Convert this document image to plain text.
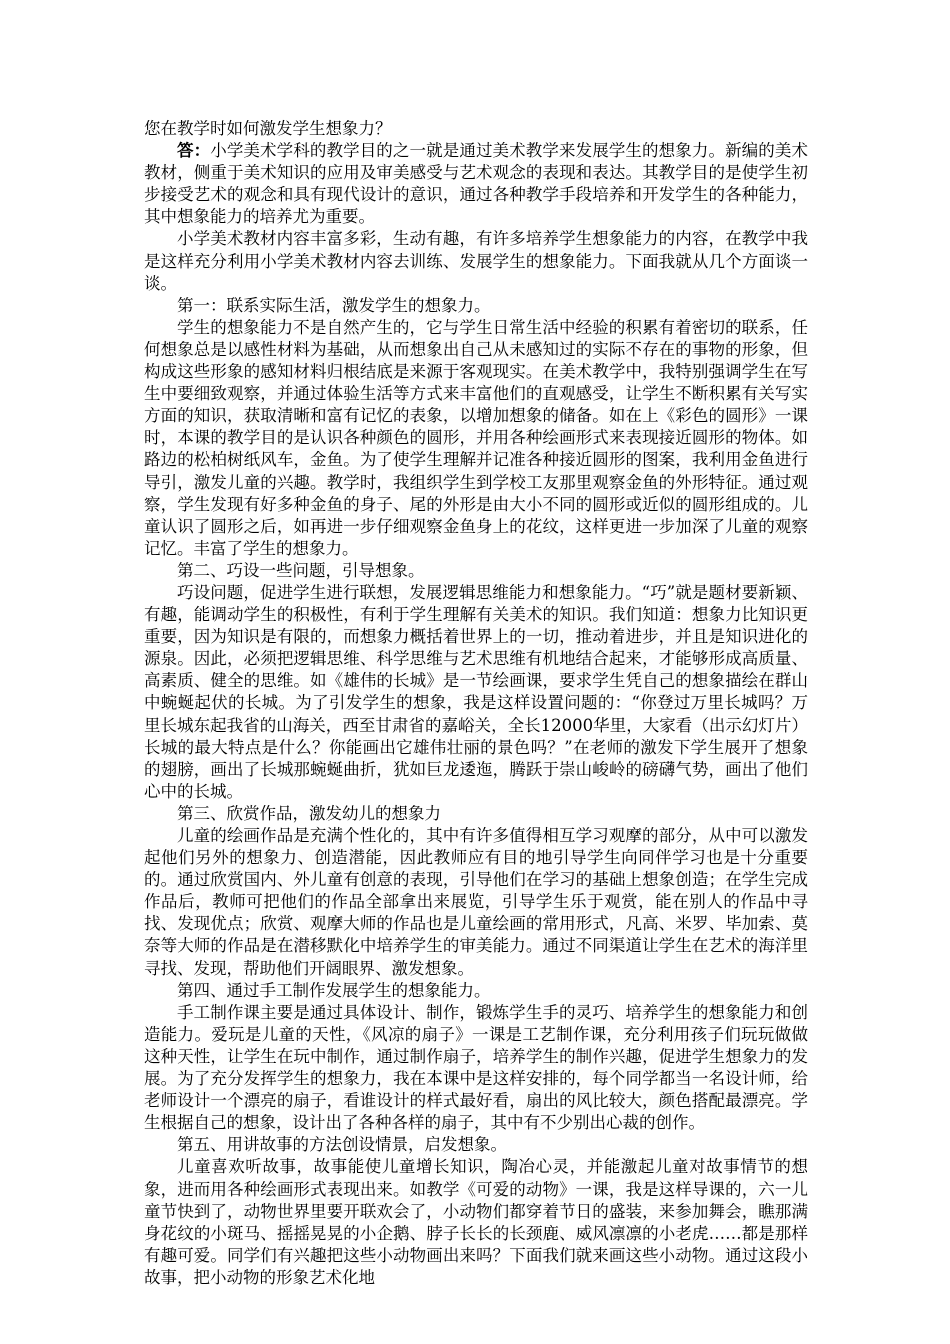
您在教学时如何激发学生想象力？

答：小学美术学科的教学目的之一就是通过美术教学来发展学生的想象力。新编的美术教材，侧重于美术知识的应用及审美感受与艺术观念的表现和表达。其教学目的是使学生初步接受艺术的观念和具有现代设计的意识，通过各种教学手段培养和开发学生的各种能力，其中想象能力的培养尤为重要。

小学美术教材内容丰富多彩，生动有趣，有许多培养学生想象能力的内容，在教学中我是这样充分利用小学美术教材内容去训练、发展学生的想象能力。下面我就从几个方面谈一谈。

第一：联系实际生活，激发学生的想象力。

学生的想象能力不是自然产生的，它与学生日常生活中经验的积累有着密切的联系，任何想象总是以感性材料为基础，从而想象出自己从未感知过的实际不存在的事物的形象，但构成这些形象的感知材料归根结底是来源于客观现实。在美术教学中，我特别强调学生在写生中要细致观察，并通过体验生活等方式来丰富他们的直观感受，让学生不断积累有关写实方面的知识，获取清晰和富有记忆的表象，以增加想象的储备。如在上《彩色的圆形》一课时，本课的教学目的是认识各种颜色的圆形，并用各种绘画形式来表现接近圆形的物体。如路边的松柏树纸风车，金鱼。为了使学生理解并记准各种接近圆形的图案，我利用金鱼进行导引，激发儿童的兴趣。教学时，我组织学生到学校工友那里观察金鱼的外形特征。通过观察，学生发现有好多种金鱼的身子、尾的外形是由大小不同的圆形或近似的圆形组成的。儿童认识了圆形之后，如再进一步仔细观察金鱼身上的花纹，这样更进一步加深了儿童的观察记忆。丰富了学生的想象力。

第二、巧设一些问题，引导想象。

巧设问题，促进学生进行联想，发展逻辑思维能力和想象能力。“巧”就是题材要新颖、有趣，能调动学生的积极性，有利于学生理解有关美术的知识。我们知道：想象力比知识更重要，因为知识是有限的，而想象力概括着世界上的一切，推动着进步，并且是知识进化的源泉。因此，必须把逻辑思维、科学思维与艺术思维有机地结合起来，才能够形成高质量、高素质、健全的思维。如《雄伟的长城》是一节绘画课，要求学生凭自己的想象描绘在群山中蜿蜒起伏的长城。为了引发学生的想象，我是这样设置问题的：“你登过万里长城吗？万里长城东起我省的山海关，西至甘肃省的嘉峪关，全长12000华里，大家看（出示幻灯片）长城的最大特点是什么？你能画出它雄伟壮丽的景色吗？”在老师的激发下学生展开了想象的翅膀，画出了长城那蜿蜒曲折，犹如巨龙逶迤，腾跃于崇山峻岭的磅礴气势，画出了他们心中的长城。

第三、欣赏作品，激发幼儿的想象力

儿童的绘画作品是充满个性化的，其中有许多值得相互学习观摩的部分，从中可以激发起他们另外的想象力、创造潜能，因此教师应有目的地引导学生向同伴学习也是十分重要的。通过欣赏国内、外儿童有创意的表现，引导他们在学习的基础上想象创造；在学生完成作品后，教师可把他们的作品全部拿出来展览，引导学生乐于观赏，能在别人的作品中寻找、发现优点；欣赏、观摩大师的作品也是儿童绘画的常用形式，凡高、米罗、毕加索、莫奈等大师的作品是在潜移默化中培养学生的审美能力。通过不同渠道让学生在艺术的海洋里寻找、发现，帮助他们开阔眼界、激发想象。

第四、通过手工制作发展学生的想象能力。

手工制作课主要是通过具体设计、制作，锻炼学生手的灵巧、培养学生的想象能力和创造能力。爱玩是儿童的天性，《风凉的扇子》一课是工艺制作课，充分利用孩子们玩玩做做这种天性，让学生在玩中制作，通过制作扇子，培养学生的制作兴趣，促进学生想象力的发展。为了充分发挥学生的想象力，我在本课中是这样安排的，每个同学都当一名设计师，给老师设计一个漂亮的扇子，看谁设计的样式最好看，扇出的风比较大，颜色搭配最漂亮。学生根据自己的想象，设计出了各种各样的扇子，其中有不少别出心裁的创作。

第五、用讲故事的方法创设情景，启发想象。

儿童喜欢听故事，故事能使儿童增长知识，陶冶心灵，并能激起儿童对故事情节的想象，进而用各种绘画形式表现出来。如教学《可爱的动物》一课，我是这样导课的，六一儿童节快到了，动物世界里要开联欢会了，小动物们都穿着节日的盛装，来参加舞会，瞧那满身花纹的小斑马、摇摇晃晃的小企鹅、脖子长长的长颈鹿、威风凛凛的小老虎……都是那样有趣可爱。同学们有兴趣把这些小动物画出来吗？下面我们就来画这些小动物。通过这段小故事，把小动物的形象艺术化地
